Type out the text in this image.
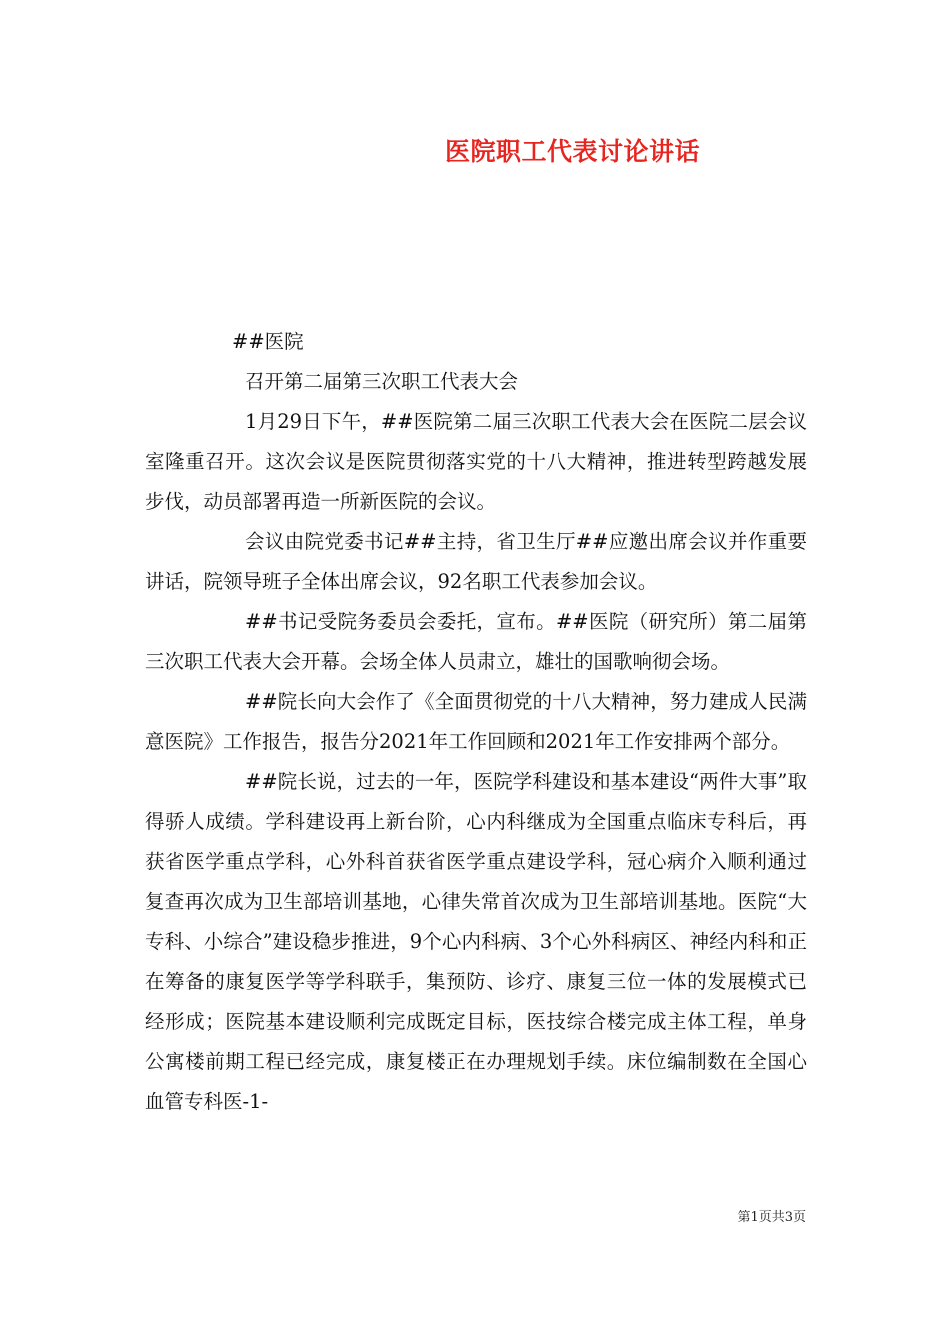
医院职工代表讨论讲话

##医院

召开第二届第三次职工代表大会

1月29日下午，##医院第二届三次职工代表大会在医院二层会议室隆重召开。这次会议是医院贯彻落实党的十八大精神，推进转型跨越发展步伐，动员部署再造一所新医院的会议。

会议由院党委书记##主持，省卫生厅##应邀出席会议并作重要讲话，院领导班子全体出席会议，92名职工代表参加会议。

##书记受院务委员会委托，宣布。##医院（研究所）第二届第三次职工代表大会开幕。会场全体人员肃立，雄壮的国歌响彻会场。

##院长向大会作了《全面贯彻党的十八大精神，努力建成人民满意医院》工作报告，报告分2021年工作回顾和2021年工作安排两个部分。

##院长说，过去的一年，医院学科建设和基本建设“两件大事”取得骄人成绩。学科建设再上新台阶，心内科继成为全国重点临床专科后，再获省医学重点学科，心外科首获省医学重点建设学科，冠心病介入顺利通过复查再次成为卫生部培训基地，心律失常首次成为卫生部培训基地。医院“大专科、小综合”建设稳步推进，9个心内科病、3个心外科病区、神经内科和正在筹备的康复医学等学科联手，集预防、诊疗、康复三位一体的发展模式已经形成；医院基本建设顺利完成既定目标，医技综合楼完成主体工程，单身公寓楼前期工程已经完成，康复楼正在办理规划手续。床位编制数在全国心血管专科医-1-

第1页共3页
